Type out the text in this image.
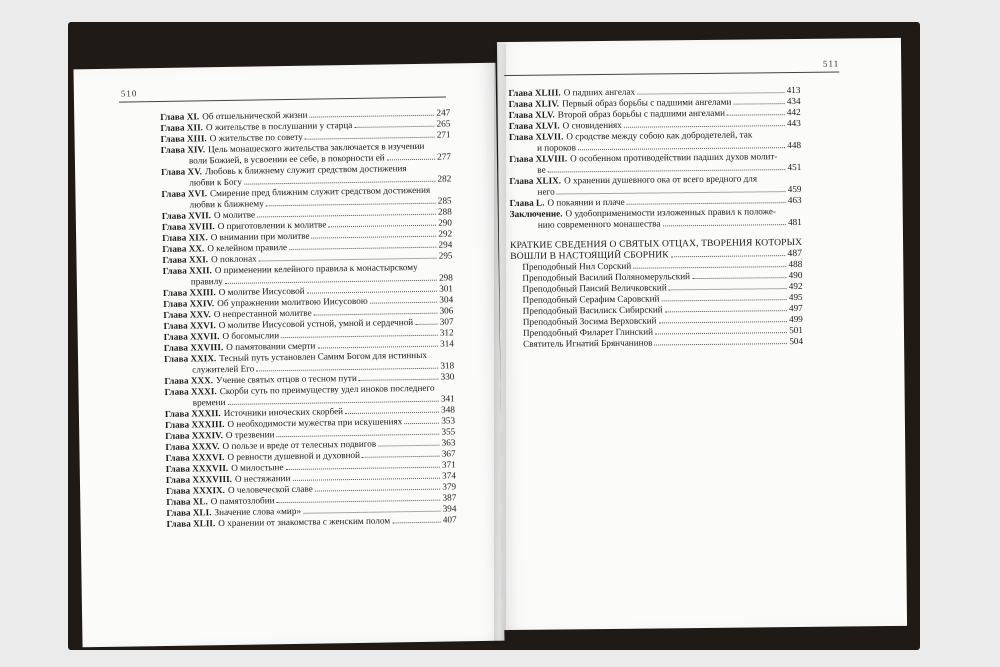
510
Глава XI. Об отшельнической жизни	247
Глава XII. О жительстве в послушании у старца	265
Глава XIII. О жительстве по совету	271
Глава XIV. Цель монашеского жительства заключается в изучении
воли Божией, в усвоении ее себе, в покорности ей	277
Глава XV. Любовь к ближнему служит средством достижения
любви к Богу	282
Глава XVI. Смирение пред ближним служит средством достижения
любви к ближнему	285
Глава XVII. О молитве	288
Глава XVIII. О приготовлении к молитве	290
Глава XIX. О внимании при молитве	292
Глава XX. О келейном правиле	294
Глава XXI. О поклонах	295
Глава XXII. О применении келейного правила к монастырскому
правилу	298
Глава XXIII. О молитве Иисусовой	301
Глава XXIV. Об упражнении молитвою Иисусовою	304
Глава XXV. О непрестанной молитве	306
Глава XXVI. О молитве Иисусовой устной, умной и сердечной	307
Глава XXVII. О богомыслии	312
Глава XXVIII. О памятовании смерти	314
Глава XXIX. Тесный путь установлен Самим Богом для истинных
служителей Его	318
Глава XXX. Учение святых отцов о тесном пути	330
Глава XXXI. Скорби суть по преимуществу удел иноков последнего
времени	341
Глава XXXII. Источники иноческих скорбей	348
Глава XXXIII. О необходимости мужества при искушениях	353
Глава XXXIV. О трезвении	355
Глава XXXV. О пользе и вреде от телесных подвигов	363
Глава XXXVI. О ревности душевной и духовной	367
Глава XXXVII. О милостыне	371
Глава XXXVIII. О нестяжании	374
Глава XXXIX. О человеческой славе	379
Глава XL. О памятозлобии	387
Глава XLI. Значение слова «мир»	394
Глава XLII. О хранении от знакомства с женским полом	407
511
Глава XLIII. О падших ангелах	413
Глава XLIV. Первый образ борьбы с падшими ангелами	434
Глава XLV. Второй образ борьбы с падшими ангелами	442
Глава XLVI. О сновидениях	443
Глава XLVII. О сродстве между собою как добродетелей, так
и пороков	448
Глава XLVIII. О особенном противодействии падших духов молит-
ве	451
Глава XLIX. О хранении душевного ока от всего вредного для
него	459
Глава L. О покаянии и плаче	463
Заключение. О удобоприменимости изложенных правил к положе-
нию современного монашества	481
КРАТКИЕ СВЕДЕНИЯ О СВЯТЫХ ОТЦАХ, ТВОРЕНИЯ КОТОРЫХ
ВОШЛИ В НАСТОЯЩИЙ СБОРНИК	487
Преподобный Нил Сорский	488
Преподобный Василий Поляномерульский	490
Преподобный Паисий Величковский	492
Преподобный Серафим Саровский	495
Преподобный Василиск Сибирский	497
Преподобный Зосима Верховский	499
Преподобный Филарет Глинский	501
Святитель Игнатий Брянчанинов	504
